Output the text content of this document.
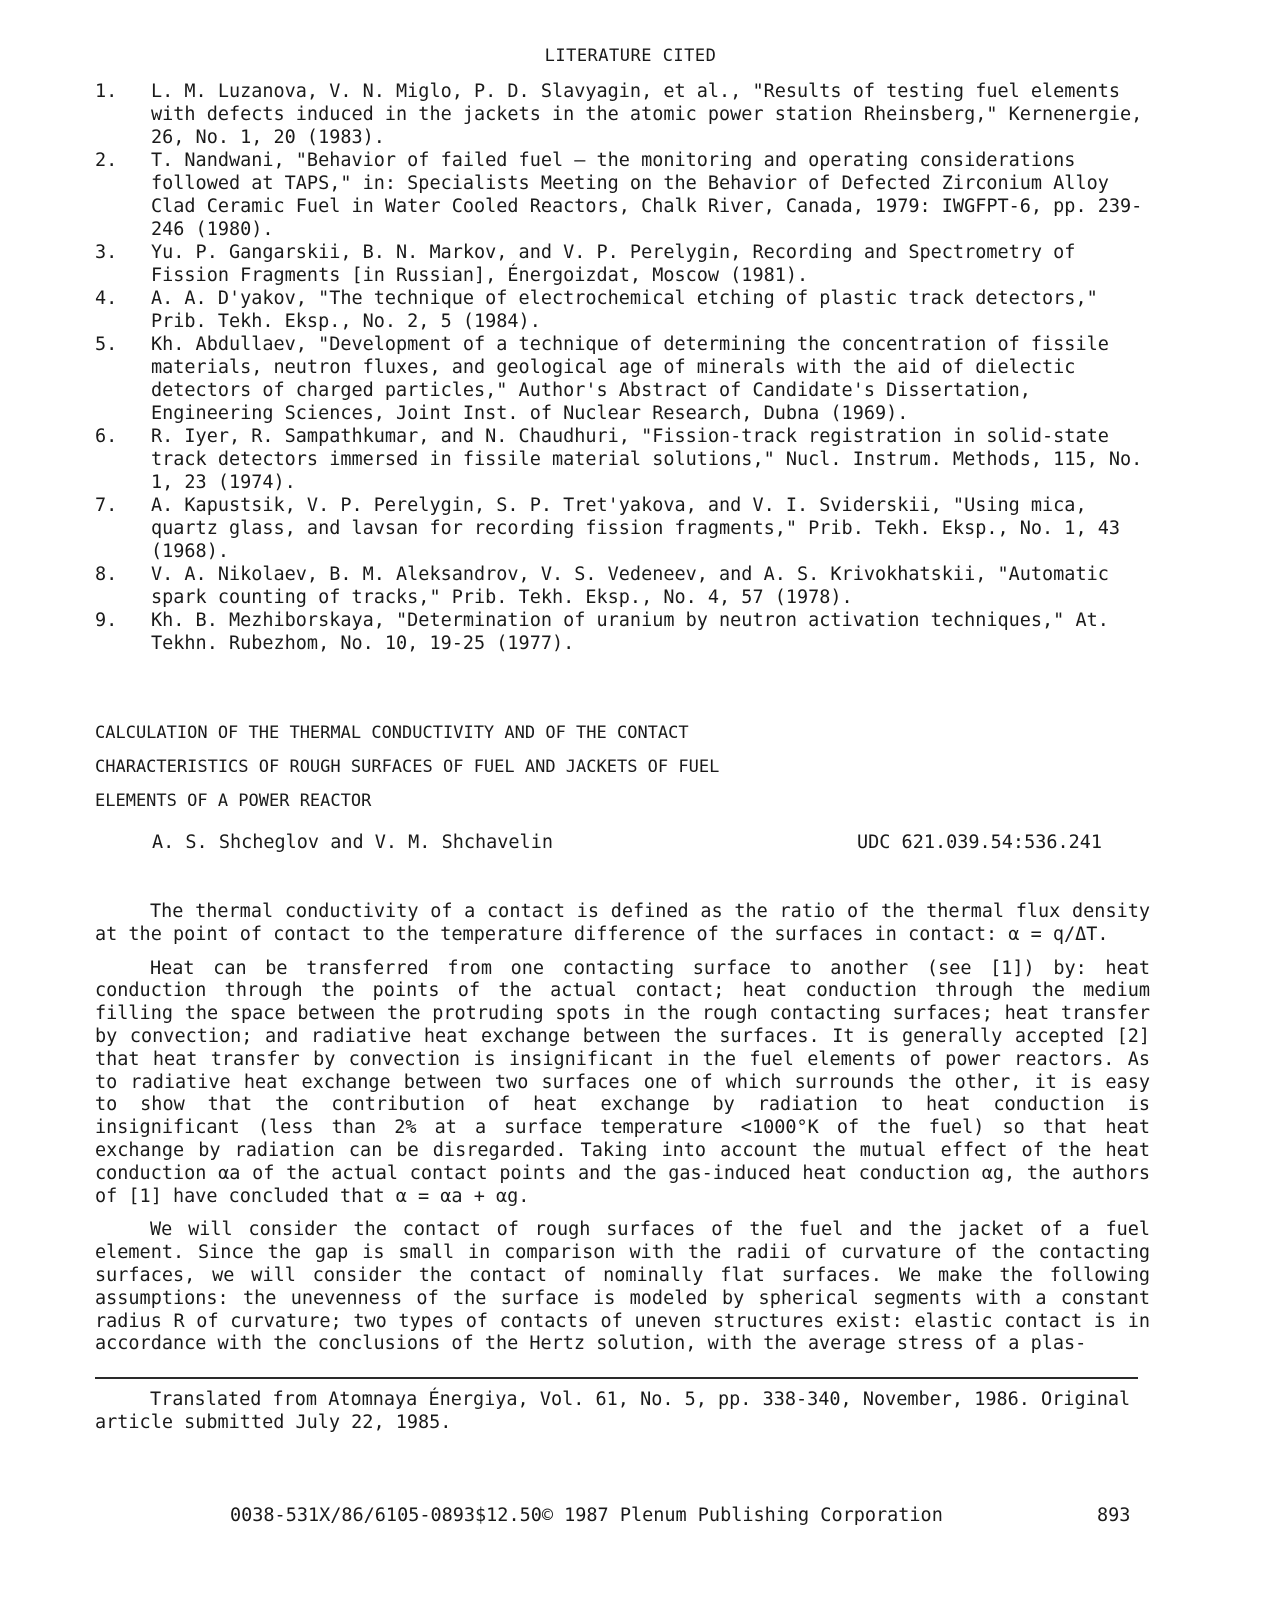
LITERATURE CITED
1. L. M. Luzanova, V. N. Miglo, P. D. Slavyagin, et al., "Results of testing fuel elements with defects induced in the jackets in the atomic power station Rheinsberg," Kernenergie, 26, No. 1, 20 (1983).
2. T. Nandwani, "Behavior of failed fuel — the monitoring and operating considerations followed at TAPS," in: Specialists Meeting on the Behavior of Defected Zirconium Alloy Clad Ceramic Fuel in Water Cooled Reactors, Chalk River, Canada, 1979: IWGFPT-6, pp. 239-246 (1980).
3. Yu. P. Gangarskii, B. N. Markov, and V. P. Perelygin, Recording and Spectrometry of Fission Fragments [in Russian], Énergoizdat, Moscow (1981).
4. A. A. D'yakov, "The technique of electrochemical etching of plastic track detectors," Prib. Tekh. Eksp., No. 2, 5 (1984).
5. Kh. Abdullaev, "Development of a technique of determining the concentration of fissile materials, neutron fluxes, and geological age of minerals with the aid of dielectic detectors of charged particles," Author's Abstract of Candidate's Dissertation, Engineering Sciences, Joint Inst. of Nuclear Research, Dubna (1969).
6. R. Iyer, R. Sampathkumar, and N. Chaudhuri, "Fission-track registration in solid-state track detectors immersed in fissile material solutions," Nucl. Instrum. Methods, 115, No. 1, 23 (1974).
7. A. Kapustsik, V. P. Perelygin, S. P. Tret'yakova, and V. I. Sviderskii, "Using mica, quartz glass, and lavsan for recording fission fragments," Prib. Tekh. Eksp., No. 1, 43 (1968).
8. V. A. Nikolaev, B. M. Aleksandrov, V. S. Vedeneev, and A. S. Krivokhatskii, "Automatic spark counting of tracks," Prib. Tekh. Eksp., No. 4, 57 (1978).
9. Kh. B. Mezhiborskaya, "Determination of uranium by neutron activation techniques," At. Tekhn. Rubezhom, No. 10, 19-25 (1977).
CALCULATION OF THE THERMAL CONDUCTIVITY AND OF THE CONTACT
CHARACTERISTICS OF ROUGH SURFACES OF FUEL AND JACKETS OF FUEL
ELEMENTS OF A POWER REACTOR
A. S. Shcheglov and V. M. Shchavelin	UDC 621.039.54:536.241

The thermal conductivity of a contact is defined as the ratio of the thermal flux density at the point of contact to the temperature difference of the surfaces in contact: α = q/ΔT.

Heat can be transferred from one contacting surface to another (see [1]) by: heat conduction through the points of the actual contact; heat conduction through the medium filling the space between the protruding spots in the rough contacting surfaces; heat transfer by convection; and radiative heat exchange between the surfaces. It is generally accepted [2] that heat transfer by convection is insignificant in the fuel elements of power reactors. As to radiative heat exchange between two surfaces one of which surrounds the other, it is easy to show that the contribution of heat exchange by radiation to heat conduction is insignificant (less than 2% at a surface temperature <1000°K of the fuel) so that heat exchange by radiation can be disregarded. Taking into account the mutual effect of the heat conduction αa of the actual contact points and the gas-induced heat conduction αg, the authors of [1] have concluded that α = αa + αg.

We will consider the contact of rough surfaces of the fuel and the jacket of a fuel element. Since the gap is small in comparison with the radii of curvature of the contacting surfaces, we will consider the contact of nominally flat surfaces. We make the following assumptions: the unevenness of the surface is modeled by spherical segments with a constant radius R of curvature; two types of contacts of uneven structures exist: elastic contact is in accordance with the conclusions of the Hertz solution, with the average stress of a plas-

Translated from Atomnaya Énergiya, Vol. 61, No. 5, pp. 338-340, November, 1986. Original article submitted July 22, 1985.
0038-531X/86/6105-0893$12.50© 1987 Plenum Publishing Corporation	893
